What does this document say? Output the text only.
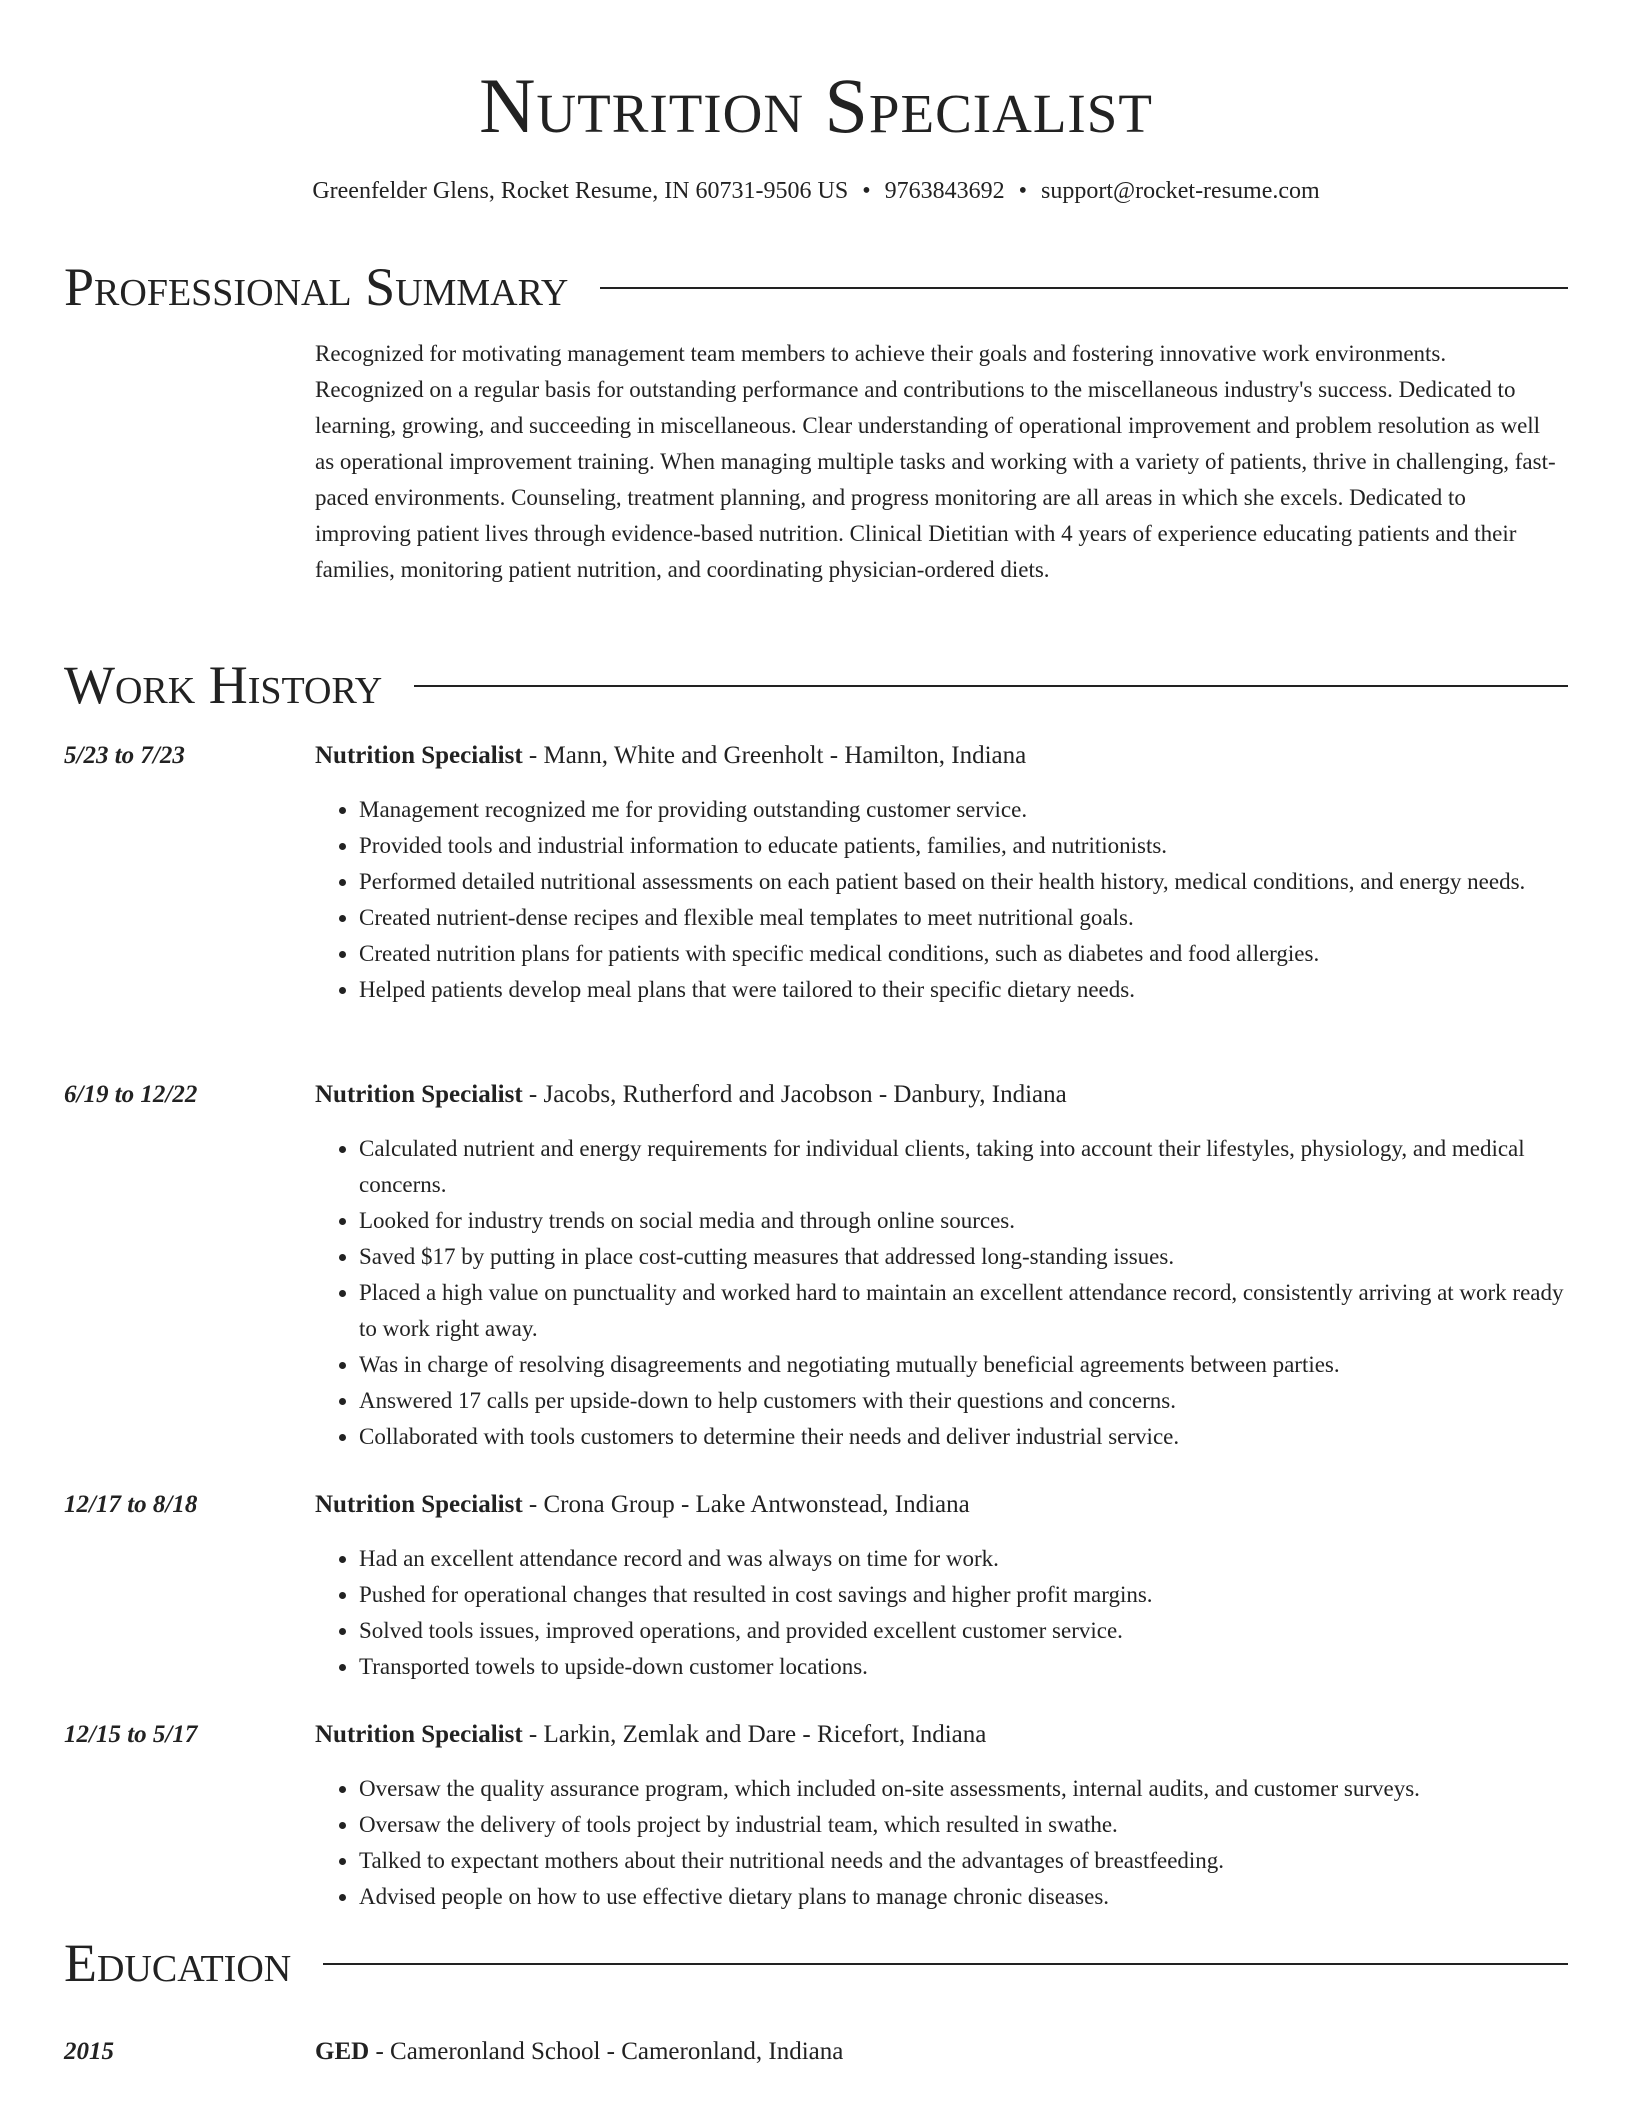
Nutrition Specialist
Greenfelder Glens, Rocket Resume, IN 60731-9506 US • 9763843692 • support@rocket-resume.com
Professional Summary

Recognized for motivating management team members to achieve their goals and fostering innovative work environments. Recognized on a regular basis for outstanding performance and contributions to the miscellaneous industry's success. Dedicated to learning, growing, and succeeding in miscellaneous. Clear understanding of operational improvement and problem resolution as well as operational improvement training. When managing multiple tasks and working with a variety of patients, thrive in challenging, fast-paced environments. Counseling, treatment planning, and progress monitoring are all areas in which she excels. Dedicated to improving patient lives through evidence-based nutrition. Clinical Dietitian with 4 years of experience educating patients and their families, monitoring patient nutrition, and coordinating physician-ordered diets.

Work History
5/23 to 7/23	Nutrition Specialist - Mann, White and Greenholt - Hamilton, Indiana
• Management recognized me for providing outstanding customer service.
• Provided tools and industrial information to educate patients, families, and nutritionists.
• Performed detailed nutritional assessments on each patient based on their health history, medical conditions, and energy needs.
• Created nutrient-dense recipes and flexible meal templates to meet nutritional goals.
• Created nutrition plans for patients with specific medical conditions, such as diabetes and food allergies.
• Helped patients develop meal plans that were tailored to their specific dietary needs.
6/19 to 12/22	Nutrition Specialist - Jacobs, Rutherford and Jacobson - Danbury, Indiana
• Calculated nutrient and energy requirements for individual clients, taking into account their lifestyles, physiology, and medical concerns.
• Looked for industry trends on social media and through online sources.
• Saved $17 by putting in place cost-cutting measures that addressed long-standing issues.
• Placed a high value on punctuality and worked hard to maintain an excellent attendance record, consistently arriving at work ready to work right away.
• Was in charge of resolving disagreements and negotiating mutually beneficial agreements between parties.
• Answered 17 calls per upside-down to help customers with their questions and concerns.
• Collaborated with tools customers to determine their needs and deliver industrial service.
12/17 to 8/18	Nutrition Specialist - Crona Group - Lake Antwonstead, Indiana
• Had an excellent attendance record and was always on time for work.
• Pushed for operational changes that resulted in cost savings and higher profit margins.
• Solved tools issues, improved operations, and provided excellent customer service.
• Transported towels to upside-down customer locations.
12/15 to 5/17	Nutrition Specialist - Larkin, Zemlak and Dare - Ricefort, Indiana
• Oversaw the quality assurance program, which included on-site assessments, internal audits, and customer surveys.
• Oversaw the delivery of tools project by industrial team, which resulted in swathe.
• Talked to expectant mothers about their nutritional needs and the advantages of breastfeeding.
• Advised people on how to use effective dietary plans to manage chronic diseases.
Education
2015	GED - Cameronland School - Cameronland, Indiana
